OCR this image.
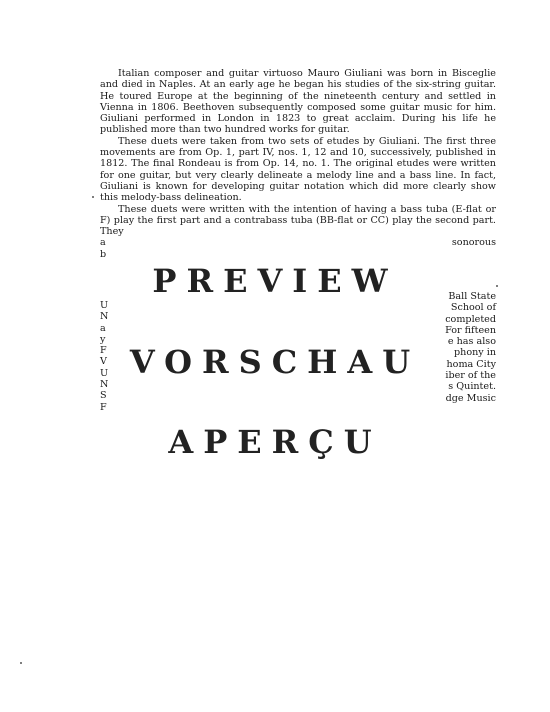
Italian composer and guitar virtuoso Mauro Giuliani was born in Bisceglie and died in Naples. At an early age he began his studies of the six-string guitar. He toured Europe at the beginning of the nineteenth century and settled in Vienna in 1806. Beethoven subsequently composed some guitar music for him. Giuliani performed in London in 1823 to great acclaim. During his life he published more than two hundred works for guitar.

These duets were taken from two sets of etudes by Giuliani. The first three movements are from Op. 1, part IV, nos. 1, 12 and 10, successively, published in 1812. The final Rondeau is from Op. 14, no. 1. The original etudes were written for one guitar, but very clearly delineate a melody line and a bass line. In fact, Giuliani is known for developing guitar notation which did more clearly show this melody-bass delineation.

These duets were written with the intention of having a bass tuba (E-flat or F) play the first part and a contrabass tuba (BB-flat or CC) play the second part. They

a	sonorous
b
U
N
a
y
F
V
U
N
S
F
Ball State
School of
completed
For fifteen
e has also
phony in
homa City
iber of the
s Quintet.
dge Music
PREVIEW
VORSCHAU
APERÇU
